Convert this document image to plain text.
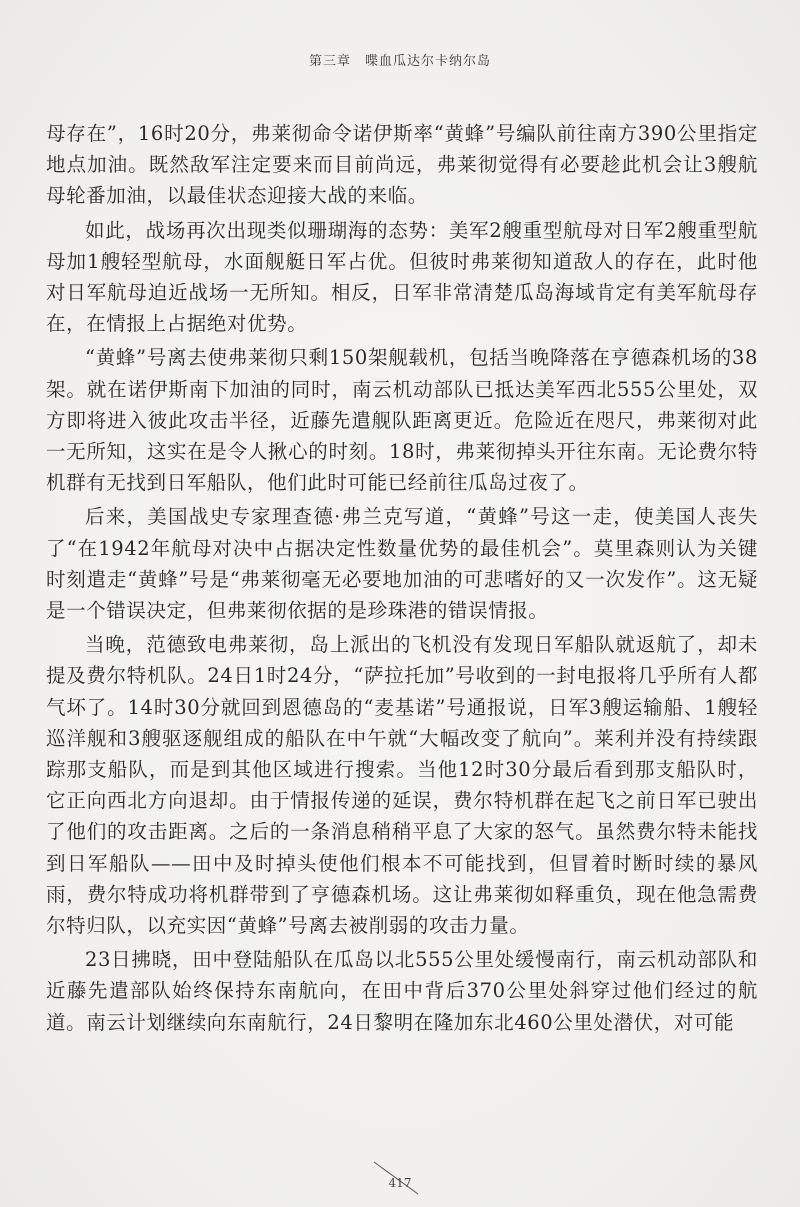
第三章 喋血瓜达尔卡纳尔岛

母存在”，16时20分，弗莱彻命令诺伊斯率“黄蜂”号编队前往南方390公里指定地点加油。既然敌军注定要来而目前尚远，弗莱彻觉得有必要趁此机会让3艘航母轮番加油，以最佳状态迎接大战的来临。

如此，战场再次出现类似珊瑚海的态势：美军2艘重型航母对日军2艘重型航母加1艘轻型航母，水面舰艇日军占优。但彼时弗莱彻知道敌人的存在，此时他对日军航母迫近战场一无所知。相反，日军非常清楚瓜岛海域肯定有美军航母存在，在情报上占据绝对优势。

“黄蜂”号离去使弗莱彻只剩150架舰载机，包括当晚降落在亨德森机场的38架。就在诺伊斯南下加油的同时，南云机动部队已抵达美军西北555公里处，双方即将进入彼此攻击半径，近藤先遣舰队距离更近。危险近在咫尺，弗莱彻对此一无所知，这实在是令人揪心的时刻。18时，弗莱彻掉头开往东南。无论费尔特机群有无找到日军船队，他们此时可能已经前往瓜岛过夜了。

后来，美国战史专家理查德·弗兰克写道，“黄蜂”号这一走，使美国人丧失了“在1942年航母对决中占据决定性数量优势的最佳机会”。莫里森则认为关键时刻遣走“黄蜂”号是“弗莱彻毫无必要地加油的可悲嗜好的又一次发作”。这无疑是一个错误决定，但弗莱彻依据的是珍珠港的错误情报。

当晚，范德致电弗莱彻，岛上派出的飞机没有发现日军船队就返航了，却未提及费尔特机队。24日1时24分，“萨拉托加”号收到的一封电报将几乎所有人都气坏了。14时30分就回到恩德岛的“麦基诺”号通报说，日军3艘运输船、1艘轻巡洋舰和3艘驱逐舰组成的船队在中午就“大幅改变了航向”。莱利并没有持续跟踪那支船队，而是到其他区域进行搜索。当他12时30分最后看到那支船队时，它正向西北方向退却。由于情报传递的延误，费尔特机群在起飞之前日军已驶出了他们的攻击距离。之后的一条消息稍稍平息了大家的怒气。虽然费尔特未能找到日军船队——田中及时掉头使他们根本不可能找到，但冒着时断时续的暴风雨，费尔特成功将机群带到了亨德森机场。这让弗莱彻如释重负，现在他急需费尔特归队，以充实因“黄蜂”号离去被削弱的攻击力量。

23日拂晓，田中登陆船队在瓜岛以北555公里处缓慢南行，南云机动部队和近藤先遣部队始终保持东南航向，在田中背后370公里处斜穿过他们经过的航道。南云计划继续向东南航行，24日黎明在隆加东北460公里处潜伏，对可能

417
